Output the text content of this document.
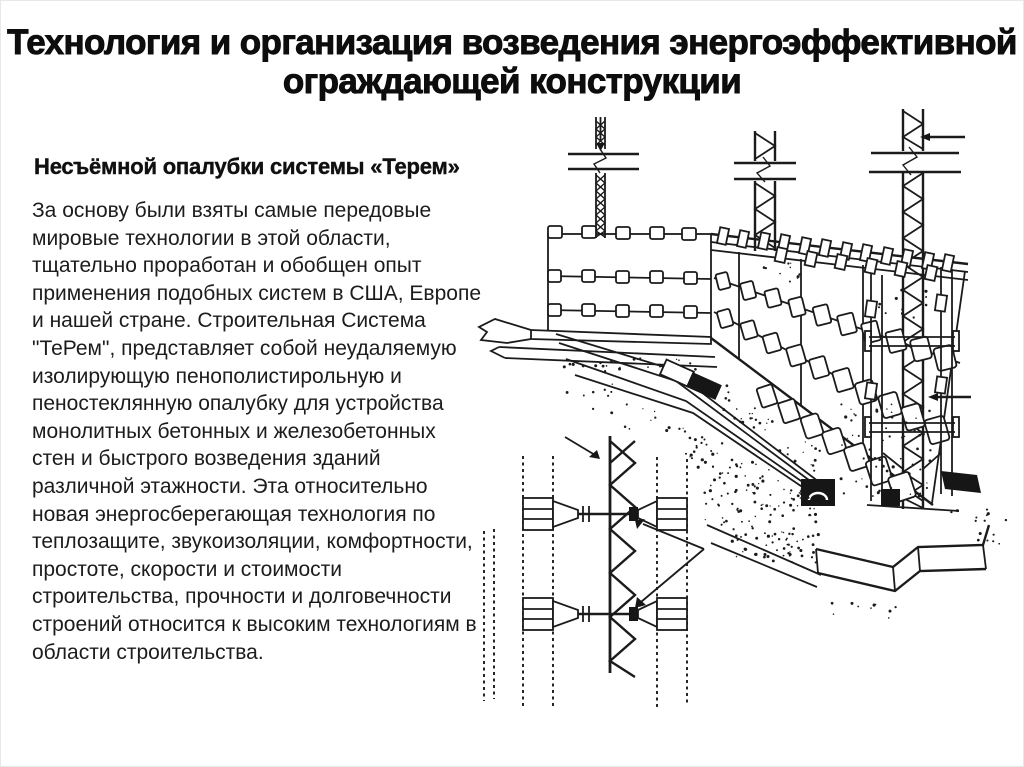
Технология и организация возведения энергоэффективной ограждающей конструкции
Несъёмной опалубки системы «Терем»
За основу были взяты самые передовые мировые технологии в этой области, тщательно проработан и обобщен опыт применения подобных систем в США, Европе и нашей стране. Строительная Система "ТеРем", представляет собой неудаляемую изолирующую пенополистирольную и пеностеклянную опалубку для устройства монолитных бетонных и железобетонных стен и быстрого возведения зданий различной этажности. Эта относительно новая энергосберегающая технология по теплозащите, звукоизоляции, комфортности, простоте, скорости и стоимости строительства, прочности и долговечности строений относится к высоким технологиям в области строительства.
